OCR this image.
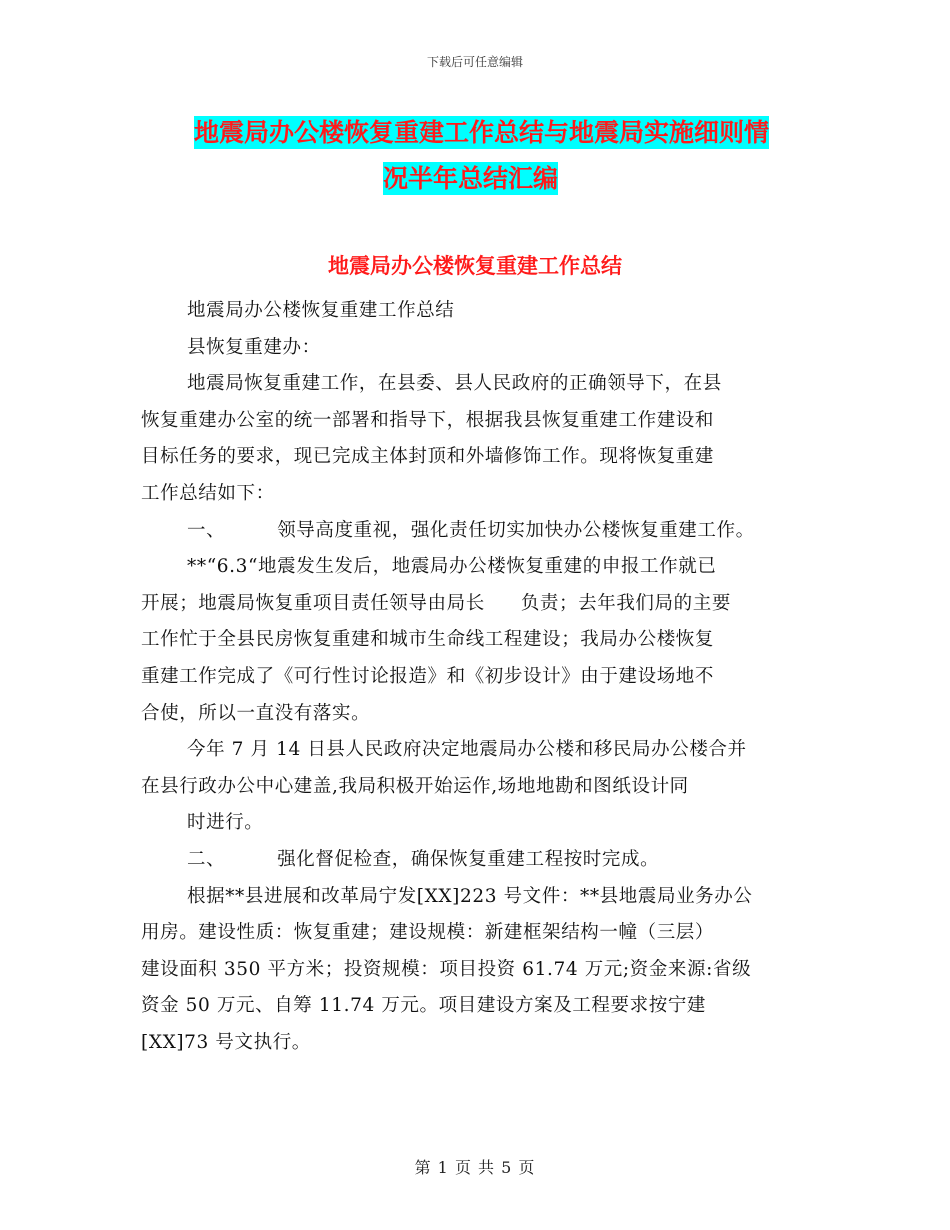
下载后可任意编辑
地震局办公楼恢复重建工作总结与地震局实施细则情
况半年总结汇编
地震局办公楼恢复重建工作总结

地震局办公楼恢复重建工作总结

县恢复重建办：

地震局恢复重建工作，在县委、县人民政府的正确领导下，在县

恢复重建办公室的统一部署和指导下，根据我县恢复重建工作建设和

目标任务的要求，现已完成主体封顶和外墙修饰工作。现将恢复重建

工作总结如下：

一、	领导高度重视，强化责任切实加快办公楼恢复重建工作。

**“6.3“地震发生发后，地震局办公楼恢复重建的申报工作就已

开展；地震局恢复重项目责任领导由局长 负责；去年我们局的主要

工作忙于全县民房恢复重建和城市生命线工程建设；我局办公楼恢复

重建工作完成了《可行性讨论报造》和《初步设计》由于建设场地不

合使，所以一直没有落实。

今年 7 月 14 日县人民政府决定地震局办公楼和移民局办公楼合并

在县行政办公中心建盖,我局积极开始运作,场地地勘和图纸设计同

时进行。

二、	强化督促检查，确保恢复重建工程按时完成。

根据**县进展和改革局宁发[XX]223 号文件：**县地震局业务办公

用房。建设性质：恢复重建；建设规模：新建框架结构一幢（三层）

建设面积 350 平方米；投资规模：项目投资 61.74 万元;资金来源:省级

资金 50 万元、自筹 11.74 万元。项目建设方案及工程要求按宁建

[XX]73 号文执行。

第 1 页 共 5 页
